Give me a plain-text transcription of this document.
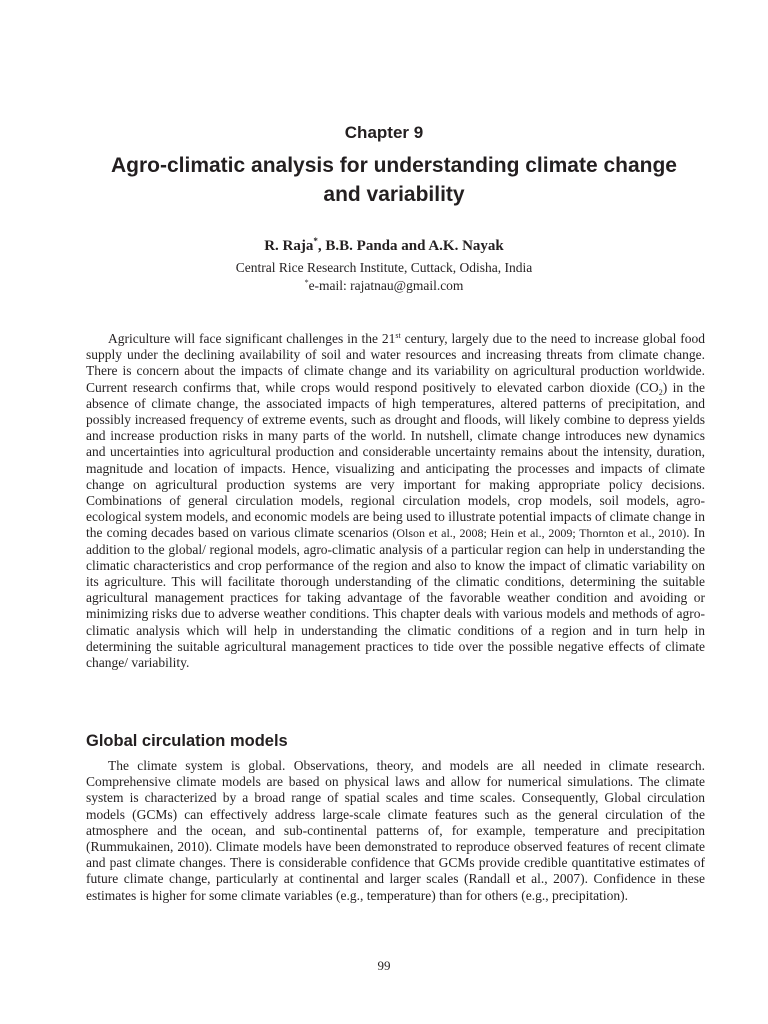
Chapter 9
Agro-climatic analysis for understanding climate change and variability
R. Raja*, B.B. Panda and A.K. Nayak
Central Rice Research Institute, Cuttack, Odisha, India
*e-mail: rajatnau@gmail.com

Agriculture will face significant challenges in the 21st century, largely due to the need to increase global food supply under the declining availability of soil and water resources and increasing threats from climate change. There is concern about the impacts of climate change and its variability on agricultural production worldwide. Current research confirms that, while crops would respond positively to elevated carbon dioxide $(CO_2)$ in the absence of climate change, the associated impacts of high temperatures, altered patterns of precipitation, and possibly increased frequency of extreme events, such as drought and floods, will likely combine to depress yields and increase production risks in many parts of the world. In nutshell, climate change introduces new dynamics and uncertainties into agricultural production and considerable uncertainty remains about the intensity, duration, magnitude and location of impacts. Hence, visualizing and anticipating the processes and impacts of climate change on agricultural production systems are very important for making appropriate policy decisions. Combinations of general circulation models, regional circulation models, crop models, soil models, agro-ecological system models, and economic models are being used to illustrate potential impacts of climate change in the coming decades based on various climate scenarios (Olson et al., 2008; Hein et al., 2009; Thornton et al., 2010). In addition to the global/ regional models, agro-climatic analysis of a particular region can help in understanding the climatic characteristics and crop performance of the region and also to know the impact of climatic variability on its agriculture. This will facilitate thorough understanding of the climatic conditions, determining the suitable agricultural management practices for taking advantage of the favorable weather condition and avoiding or minimizing risks due to adverse weather conditions. This chapter deals with various models and methods of agro-climatic analysis which will help in understanding the climatic conditions of a region and in turn help in determining the suitable agricultural management practices to tide over the possible negative effects of climate change/ variability.

Global circulation models

The climate system is global. Observations, theory, and models are all needed in climate research. Comprehensive climate models are based on physical laws and allow for numerical simulations. The climate system is characterized by a broad range of spatial scales and time scales. Consequently, Global circulation models (GCMs) can effectively address large-scale climate features such as the general circulation of the atmosphere and the ocean, and sub-continental patterns of, for example, temperature and precipitation (Rummukainen, 2010). Climate models have been demonstrated to reproduce observed features of recent climate and past climate changes. There is considerable confidence that GCMs provide credible quantitative estimates of future climate change, particularly at continental and larger scales (Randall et al., 2007). Confidence in these estimates is higher for some climate variables (e.g., temperature) than for others (e.g., precipitation).

99
